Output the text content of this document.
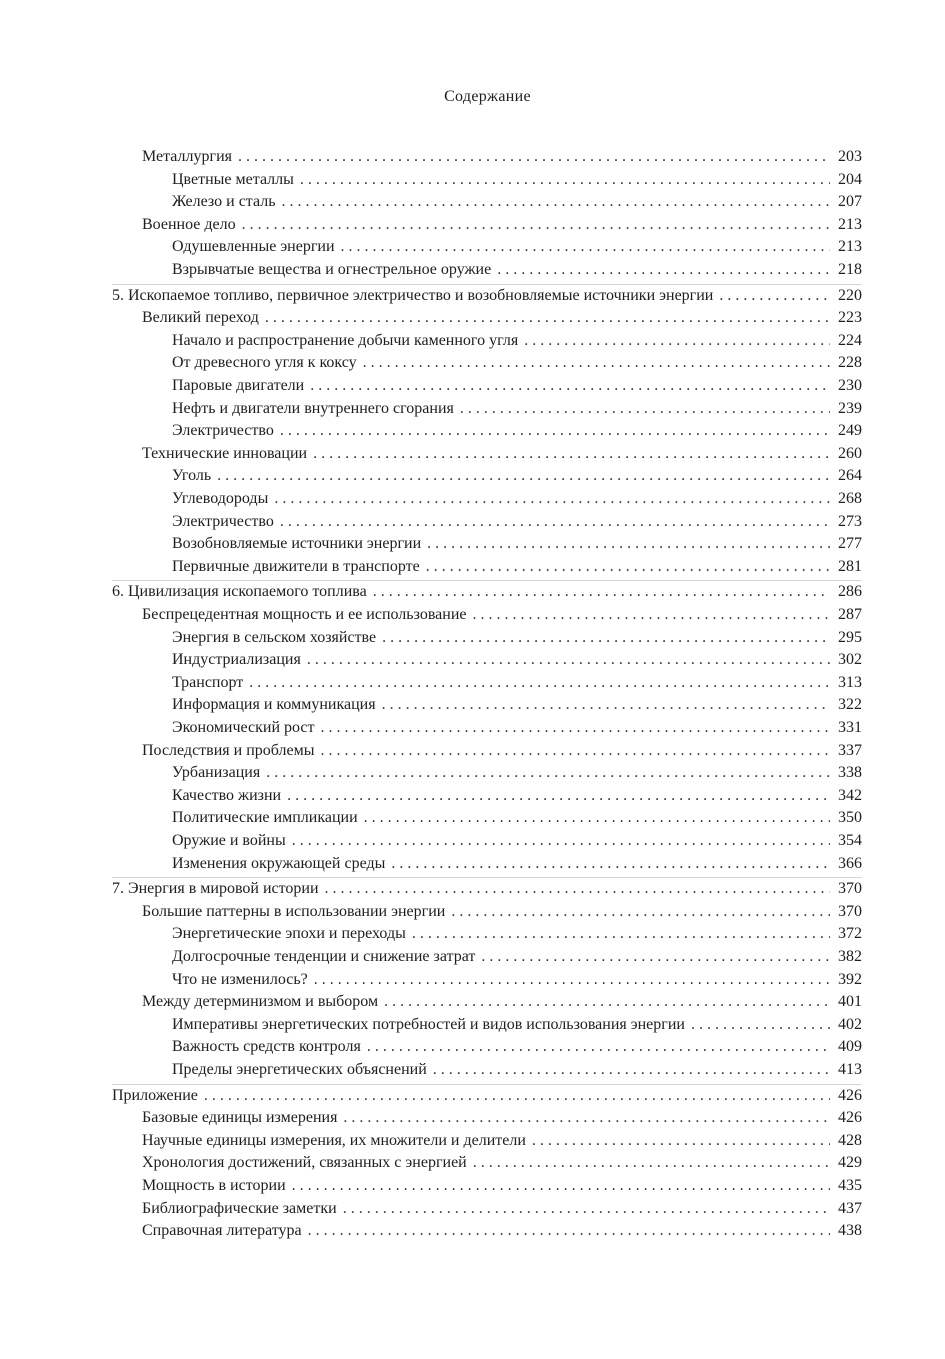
Содержание
Металлургия . . .	203
Цветные металлы . . .	204
Железо и сталь . . .	207
Военное дело . . .	213
Одушевленные энергии . . .	213
Взрывчатые вещества и огнестрельное оружие . . .	218
5. Ископаемое топливо, первичное электричество и возобновляемые источники энергии . . .	220
Великий переход . . .	223
Начало и распространение добычи каменного угля . . .	224
От древесного угля к коксу . . .	228
Паровые двигатели . . .	230
Нефть и двигатели внутреннего сгорания . . .	239
Электричество . . .	249
Технические инновации . . .	260
Уголь . . .	264
Углеводороды . . .	268
Электричество . . .	273
Возобновляемые источники энергии . . .	277
Первичные движители в транспорте . . .	281
6. Цивилизация ископаемого топлива . . .	286
Беспрецедентная мощность и ее использование . . .	287
Энергия в сельском хозяйстве . . .	295
Индустриализация . . .	302
Транспорт . . .	313
Информация и коммуникация . . .	322
Экономический рост . . .	331
Последствия и проблемы . . .	337
Урбанизация . . .	338
Качество жизни . . .	342
Политические импликации . . .	350
Оружие и войны . . .	354
Изменения окружающей среды . . .	366
7. Энергия в мировой истории . . .	370
Большие паттерны в использовании энергии . . .	370
Энергетические эпохи и переходы . . .	372
Долгосрочные тенденции и снижение затрат . . .	382
Что не изменилось? . . .	392
Между детерминизмом и выбором . . .	401
Императивы энергетических потребностей и видов использования энергии . . .	402
Важность средств контроля . . .	409
Пределы энергетических объяснений . . .	413
Приложение . . .	426
Базовые единицы измерения . . .	426
Научные единицы измерения, их множители и делители . . .	428
Хронология достижений, связанных с энергией . . .	429
Мощность в истории . . .	435
Библиографические заметки . . .	437
Справочная литература . . .	438
